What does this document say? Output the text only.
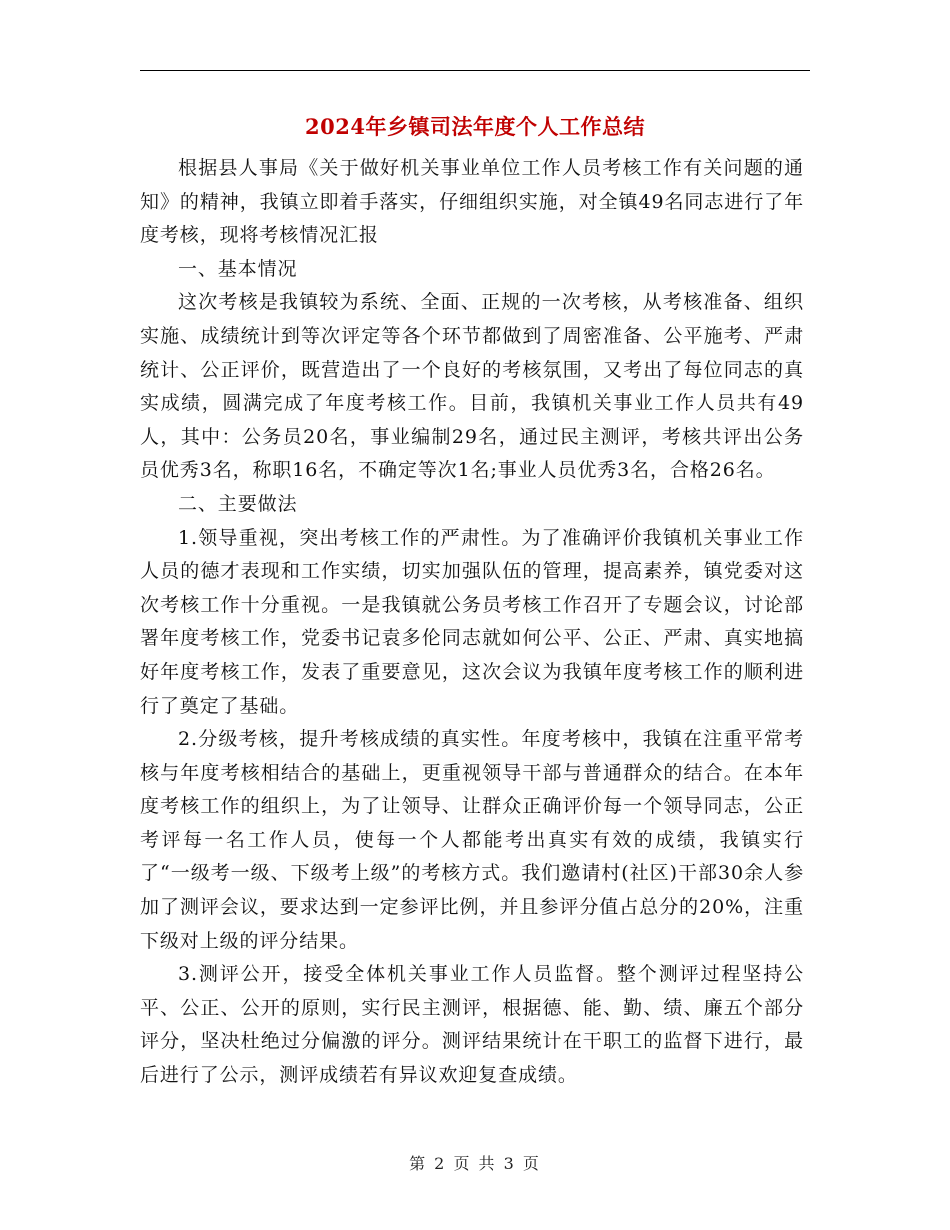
2024年乡镇司法年度个人工作总结

根据县人事局《关于做好机关事业单位工作人员考核工作有关问题的通知》的精神，我镇立即着手落实，仔细组织实施，对全镇49名同志进行了年度考核，现将考核情况汇报

一、基本情况

这次考核是我镇较为系统、全面、正规的一次考核，从考核准备、组织实施、成绩统计到等次评定等各个环节都做到了周密准备、公平施考、严肃统计、公正评价，既营造出了一个良好的考核氛围，又考出了每位同志的真实成绩，圆满完成了年度考核工作。目前，我镇机关事业工作人员共有49人，其中：公务员20名，事业编制29名，通过民主测评，考核共评出公务员优秀3名，称职16名，不确定等次1名;事业人员优秀3名，合格26名。

二、主要做法

1.领导重视，突出考核工作的严肃性。为了准确评价我镇机关事业工作人员的德才表现和工作实绩，切实加强队伍的管理，提高素养，镇党委对这次考核工作十分重视。一是我镇就公务员考核工作召开了专题会议，讨论部署年度考核工作，党委书记袁多伦同志就如何公平、公正、严肃、真实地搞好年度考核工作，发表了重要意见，这次会议为我镇年度考核工作的顺利进行了奠定了基础。

2.分级考核，提升考核成绩的真实性。年度考核中，我镇在注重平常考核与年度考核相结合的基础上，更重视领导干部与普通群众的结合。在本年度考核工作的组织上，为了让领导、让群众正确评价每一个领导同志，公正考评每一名工作人员，使每一个人都能考出真实有效的成绩，我镇实行了“一级考一级、下级考上级”的考核方式。我们邀请村(社区)干部30余人参加了测评会议，要求达到一定参评比例，并且参评分值占总分的20%，注重下级对上级的评分结果。

3.测评公开，接受全体机关事业工作人员监督。整个测评过程坚持公平、公正、公开的原则，实行民主测评，根据德、能、勤、绩、廉五个部分评分，坚决杜绝过分偏激的评分。测评结果统计在干职工的监督下进行，最后进行了公示，测评成绩若有异议欢迎复查成绩。

第 2 页 共 3 页
